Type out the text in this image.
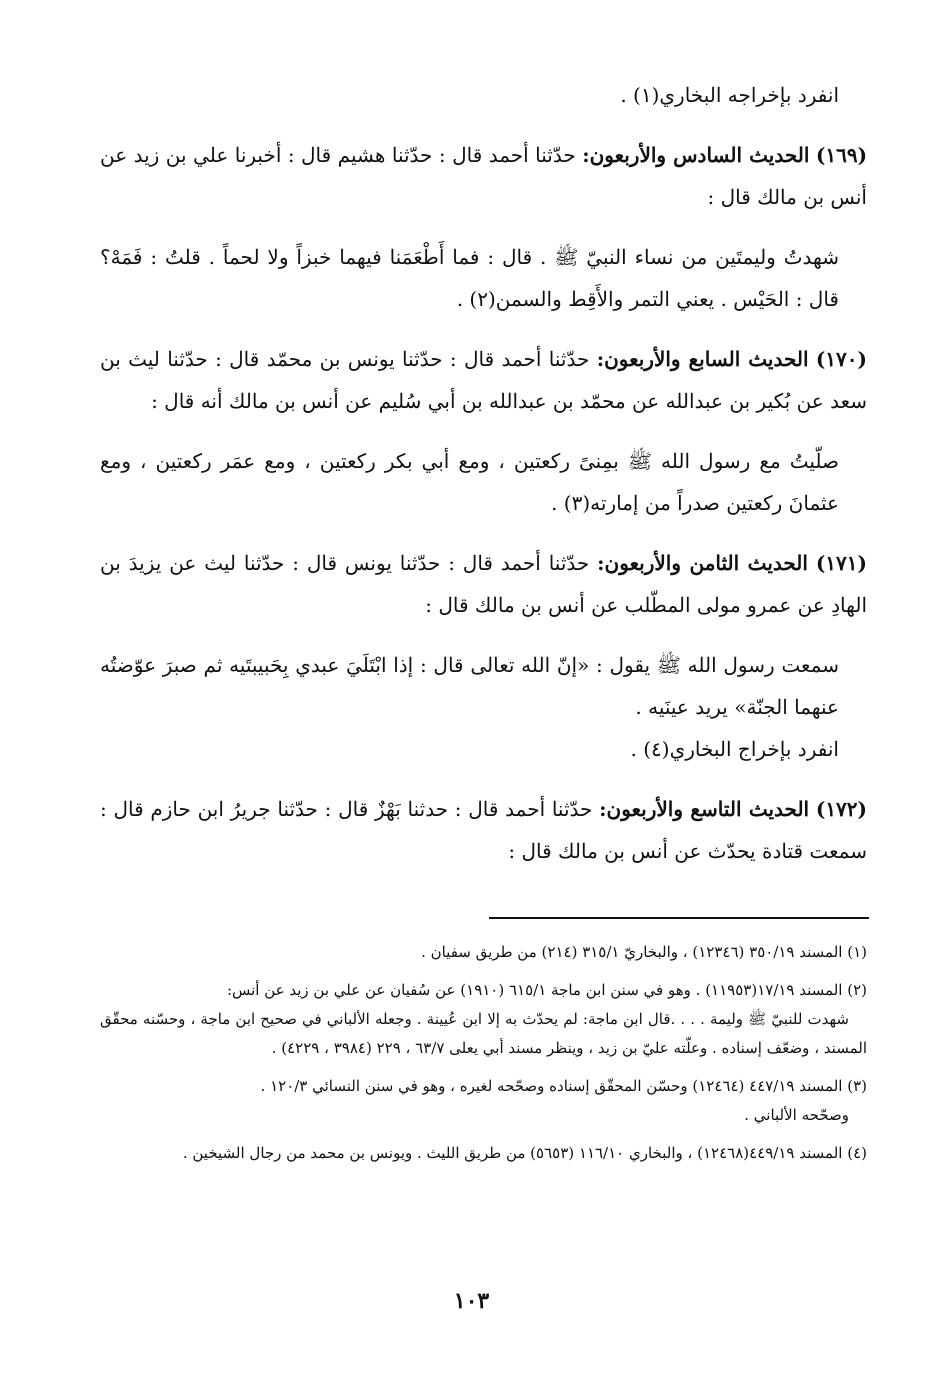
انفرد بإخراجه البخاري(١) .

(١٦٩) الحديث السادس والأربعون: حدّثنا أحمد قال : حدّثنا هشيم قال : أخبرنا علي بن زيد عن أنس بن مالك قال :

شهدتُ وليمتَين من نساء النبيّ ﷺ . قال : فما أَطْعَمَنا فيهما خبزاً ولا لحماً . قلتُ : فَمَهْ؟ قال : الحَيْس . يعني التمر والأَقِط والسمن(٢) .

(١٧٠) الحديث السابع والأربعون: حدّثنا أحمد قال : حدّثنا يونس بن محمّد قال : حدّثنا ليث بن سعد عن بُكير بن عبدالله عن محمّد بن عبدالله بن أبي سُليم عن أنس بن مالك أنه قال :

صلّيتُ مع رسول الله ﷺ بمِنىً ركعتين ، ومع أبي بكر ركعتين ، ومع عمَر ركعتين ، ومع عثمانَ ركعتين صدراً من إمارته(٣) .

(١٧١) الحديث الثامن والأربعون: حدّثنا أحمد قال : حدّثنا يونس قال : حدّثنا ليث عن يزيدَ بن الهادِ عن عمرو مولى المطّلب عن أنس بن مالك قال :

سمعت رسول الله ﷺ يقول : «إنّ الله تعالى قال : إذا ابْتَلَيَ عبدي بِحَبيبتَيه ثم صبرَ عوّضتُه عنهما الجنّة» يريد عينَيه .

انفرد بإخراج البخاري(٤) .

(١٧٢) الحديث التاسع والأربعون: حدّثنا أحمد قال : حدثنا بَهْزٌ قال : حدّثنا جريرُ ابن حازم قال : سمعت قتادة يحدّث عن أنس بن مالك قال :

(١) المسند ٣٥٠/١٩ (١٢٣٤٦) ، والبخاريّ ٣١٥/١ (٢١٤) من طريق سفيان .

(٢) المسند ١٧/١٩(١١٩٥٣) . وهو في سنن ابن ماجة ٦١٥/١ (١٩١٠) عن سُفيان عن علي بن زيد عن أنس:
شهدت للنبيّ ﷺ وليمة . . . .قال ابن ماجة: لم يحدّث به إلا ابن عُيينة . وجعله الألباني في صحيح ابن ماجة ، وحسّنه محقّق المسند ، وضعّف إسناده . وعلّته عليّ بن زيد ، وينظر مسند أبي يعلى ٦٣/٧ ، ٢٢٩ (٣٩٨٤ ، ٤٢٢٩) .

(٣) المسند ٤٤٧/١٩ (١٢٤٦٤) وحسّن المحقّق إسناده وصحّحه لغيره ، وهو في سنن النسائي ١٢٠/٣ .
وصحّحه الألباني .

(٤) المسند ٤٤٩/١٩(١٢٤٦٨) ، والبخاري ١١٦/١٠ (٥٦٥٣) من طريق الليث . ويونس بن محمد من رجال الشيخين .

١٠٣
